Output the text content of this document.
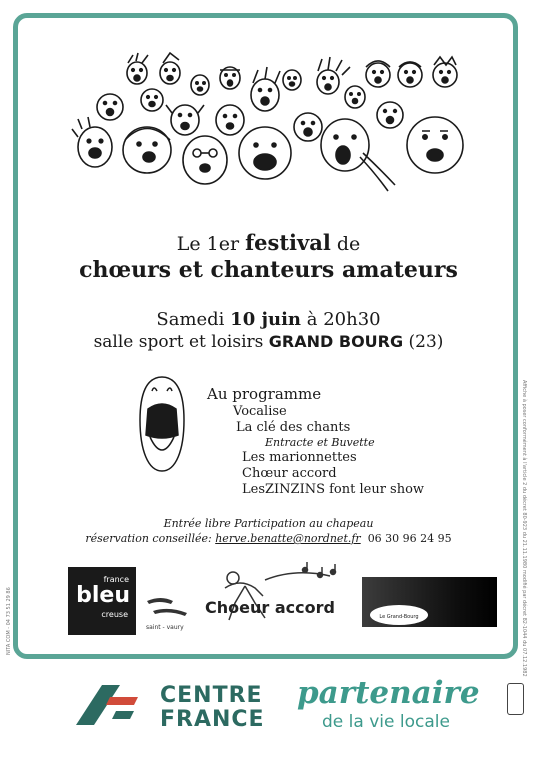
Le 1er festival de
chœurs et chanteurs amateurs
Samedi 10 juin à 20h30
salle sport et loisirs GRAND BOURG (23)
Au programme
Vocalise
La clé des chants
Entracte et Buvette
Les marionnettes
Chœur accord
LesZINZINS font leur show
Entrée libre Participation au chapeau
réservation conseillée: herve.benatte@nordnet.fr 06 30 96 24 95	Affiche à poser conformément à l'article 2 du décret 80-923 du 21.11.1980 modifié par décret 82-1044 du 07.12.1982
NITA COM - 04 73 51 29 86
france
bleu
creuse
saint - vaury
Choeur accord	Le Grand-Bourg
CENTRE
FRANCE
partenaire
de la vie locale
